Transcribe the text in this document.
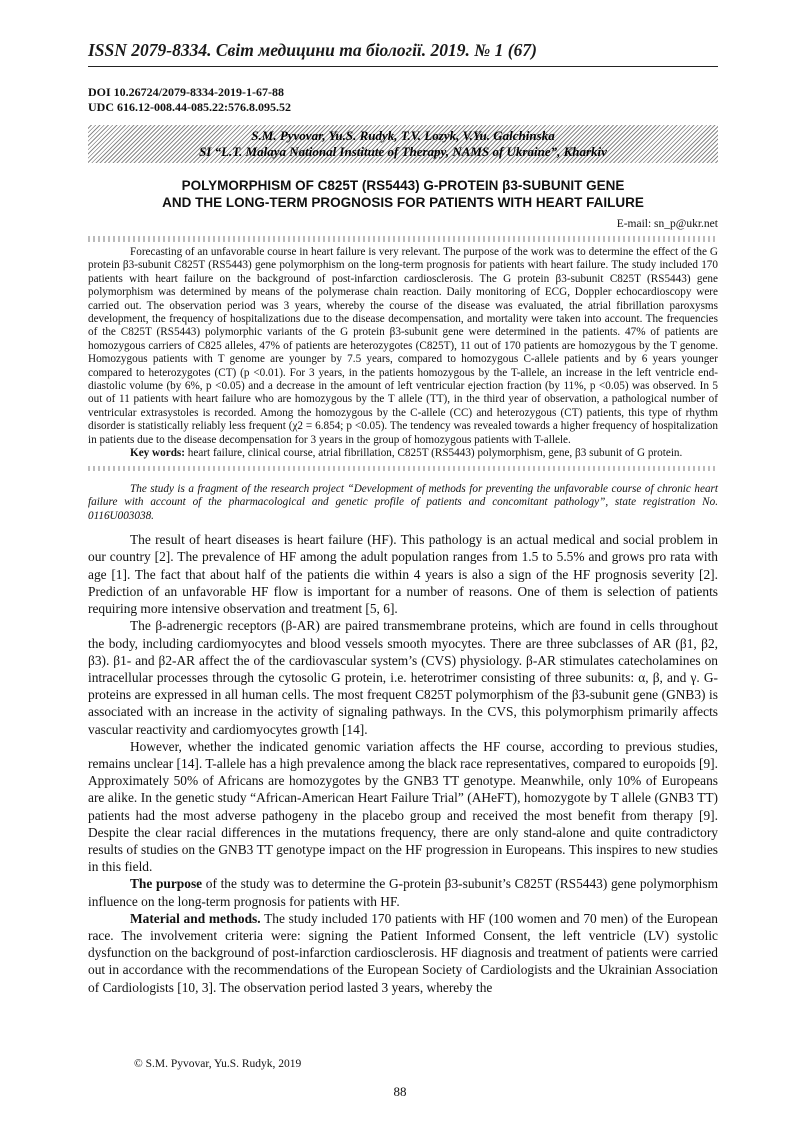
ISSN 2079-8334. Світ медицини та біології. 2019. № 1 (67)
DOI 10.26724/2079-8334-2019-1-67-88
UDC 616.12-008.44-085.22:576.8.095.52
S.M. Pyvovar, Yu.S. Rudyk, T.V. Lozyk, V.Yu. Galchinska
SI “L.T. Malaya National Institute of Therapy, NAMS of Ukraine”, Kharkiv
POLYMORPHISM OF C825T (RS5443) G-PROTEIN β3-SUBUNIT GENE
AND THE LONG-TERM PROGNOSIS FOR PATIENTS WITH HEART FAILURE
E-mail: sn_p@ukr.net

Forecasting of an unfavorable course in heart failure is very relevant. The purpose of the work was to determine the effect of the G protein β3-subunit C825T (RS5443) gene polymorphism on the long-term prognosis for patients with heart failure. The study included 170 patients with heart failure on the background of post-infarction cardiosclerosis. The G protein β3-subunit C825T (RS5443) gene polymorphism was determined by means of the polymerase chain reaction. Daily monitoring of ECG, Doppler echocardioscopy were carried out. The observation period was 3 years, whereby the course of the disease was evaluated, the atrial fibrillation paroxysms development, the frequency of hospitalizations due to the disease decompensation, and mortality were taken into account. The frequencies of the C825T (RS5443) polymorphic variants of the G protein β3-subunit gene were determined in the patients. 47% of patients are homozygous carriers of C825 alleles, 47% of patients are heterozygotes (C825T), 11 out of 170 patients are homozygous by the T genome. Homozygous patients with T genome are younger by 7.5 years, compared to homozygous C-allele patients and by 6 years younger compared to heterozygotes (CT) (p <0.01). For 3 years, in the patients homozygous by the T-allele, an increase in the left ventricle end-diastolic volume (by 6%, p <0.05) and a decrease in the amount of left ventricular ejection fraction (by 11%, p <0.05) was observed. In 5 out of 11 patients with heart failure who are homozygous by the T allele (TT), in the third year of observation, a pathological number of ventricular extrasystoles is recorded. Among the homozygous by the C-allele (CC) and heterozygous (CT) patients, this type of rhythm disorder is statistically reliably less frequent (χ2 = 6.854; p <0.05). The tendency was revealed towards a higher frequency of hospitalization in patients due to the disease decompensation for 3 years in the group of homozygous patients with T-allele.

Key words: heart failure, clinical course, atrial fibrillation, C825T (RS5443) polymorphism, gene, β3 subunit of G protein.

The study is a fragment of the research project “Development of methods for preventing the unfavorable course of chronic heart failure with account of the pharmacological and genetic profile of patients and concomitant pathology”, state registration No. 0116U003038.

The result of heart diseases is heart failure (HF). This pathology is an actual medical and social problem in our country [2]. The prevalence of HF among the adult population ranges from 1.5 to 5.5% and grows pro rata with age [1]. The fact that about half of the patients die within 4 years is also a sign of the HF prognosis severity [2]. Prediction of an unfavorable HF flow is important for a number of reasons. One of them is selection of patients requiring more intensive observation and treatment [5, 6].

The β-adrenergic receptors (β-AR) are paired transmembrane proteins, which are found in cells throughout the body, including cardiomyocytes and blood vessels smooth myocytes. There are three subclasses of AR (β1, β2, β3). β1- and β2-AR affect the of the cardiovascular system’s (CVS) physiology. β-AR stimulates catecholamines on intracellular processes through the cytosolic G protein, i.e. heterotrimer consisting of three subunits: α, β, and γ. G-proteins are expressed in all human cells. The most frequent C825T polymorphism of the β3-subunit gene (GNB3) is associated with an increase in the activity of signaling pathways. In the CVS, this polymorphism primarily affects vascular reactivity and cardiomyocytes growth [14].

However, whether the indicated genomic variation affects the HF course, according to previous studies, remains unclear [14]. T-allele has a high prevalence among the black race representatives, compared to europoids [9]. Approximately 50% of Africans are homozygotes by the GNB3 TT genotype. Meanwhile, only 10% of Europeans are alike. In the genetic study “African-American Heart Failure Trial” (AHeFT), homozygote by T allele (GNB3 TT) patients had the most adverse pathogeny in the placebo group and received the most benefit from therapy [9]. Despite the clear racial differences in the mutations frequency, there are only stand-alone and quite contradictory results of studies on the GNB3 TT genotype impact on the HF progression in Europeans. This inspires to new studies in this field.

The purpose of the study was to determine the G-protein β3-subunit’s C825T (RS5443) gene polymorphism influence on the long-term prognosis for patients with HF.

Material and methods. The study included 170 patients with HF (100 women and 70 men) of the European race. The involvement criteria were: signing the Patient Informed Consent, the left ventricle (LV) systolic dysfunction on the background of post-infarction cardiosclerosis. HF diagnosis and treatment of patients were carried out in accordance with the recommendations of the European Society of Cardiologists and the Ukrainian Association of Cardiologists [10, 3]. The observation period lasted 3 years, whereby the

© S.M. Pyvovar, Yu.S. Rudyk, 2019
88
